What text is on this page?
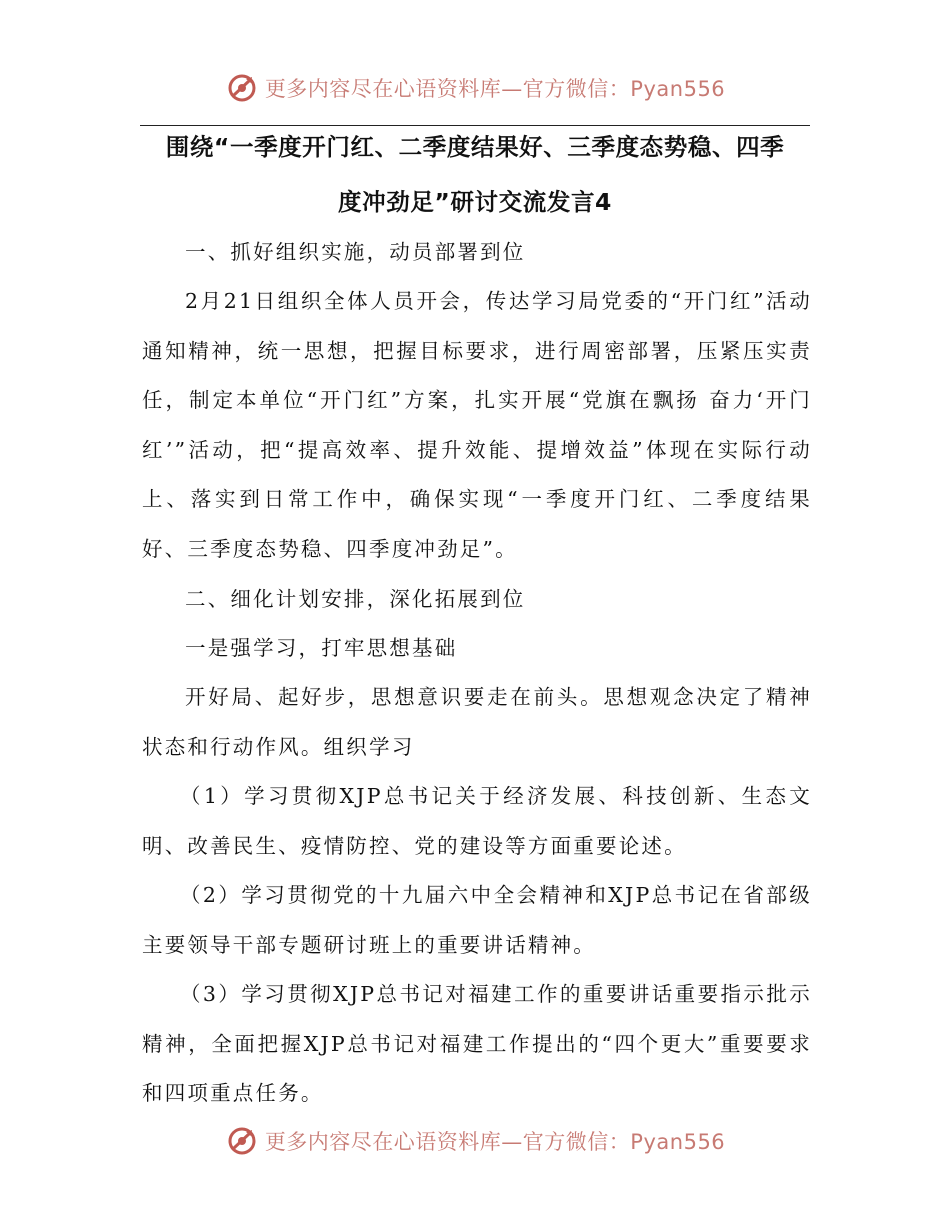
更多内容尽在心语资料库—官方微信：Pyan556
围绕“一季度开门红、二季度结果好、三季度态势稳、四季
度冲劲足”研讨交流发言4
一、抓好组织实施，动员部署到位
2月21日组织全体人员开会，传达学习局党委的“开门红”活动通知精神，统一思想，把握目标要求，进行周密部署，压紧压实责任，制定本单位“开门红”方案，扎实开展“党旗在飘扬 奋力‘开门红’”活动，把“提高效率、提升效能、提增效益”体现在实际行动上、落实到日常工作中，确保实现“一季度开门红、二季度结果好、三季度态势稳、四季度冲劲足”。
二、细化计划安排，深化拓展到位
一是强学习，打牢思想基础
开好局、起好步，思想意识要走在前头。思想观念决定了精神状态和行动作风。组织学习
（1）学习贯彻XJP总书记关于经济发展、科技创新、生态文明、改善民生、疫情防控、党的建设等方面重要论述。
（2）学习贯彻党的十九届六中全会精神和XJP总书记在省部级主要领导干部专题研讨班上的重要讲话精神。
（3）学习贯彻XJP总书记对福建工作的重要讲话重要指示批示精神，全面把握XJP总书记对福建工作提出的“四个更大”重要要求和四项重点任务。
更多内容尽在心语资料库—官方微信：Pyan556
